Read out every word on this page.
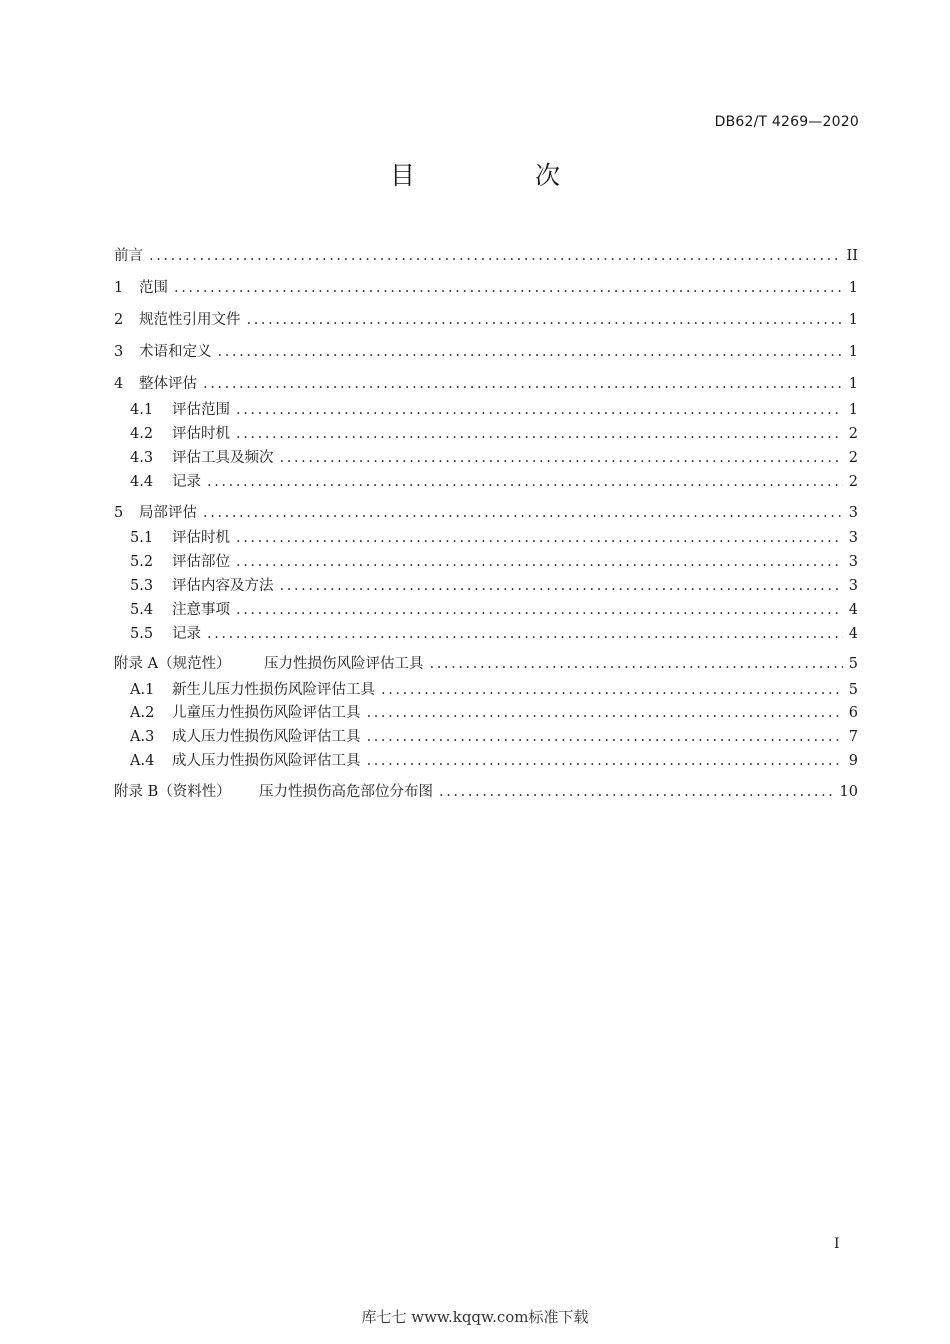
DB62/T 4269—2020
目 次
前言 .....	II
1	范围 .....	1
2	规范性引用文件 .....	1
3	术语和定义 .....	1
4	整体评估 .....	1
4.1	评估范围 .....	1
4.2	评估时机 .....	2
4.3	评估工具及频次 .....	2
4.4	记录 .....	2
5	局部评估 .....	3
5.1	评估时机 .....	3
5.2	评估部位 .....	3
5.3	评估内容及方法 .....	3
5.4	注意事项 .....	4
5.5	记录 .....	4
附录 A（规范性）	压力性损伤风险评估工具 .....	5
A.1	新生儿压力性损伤风险评估工具 .....	5
A.2	儿童压力性损伤风险评估工具 .....	6
A.3	成人压力性损伤风险评估工具 .....	7
A.4	成人压力性损伤风险评估工具 .....	9
附录 B（资料性）	压力性损伤高危部位分布图 .....	10
I
库七七 www.kqqw.com标准下载
